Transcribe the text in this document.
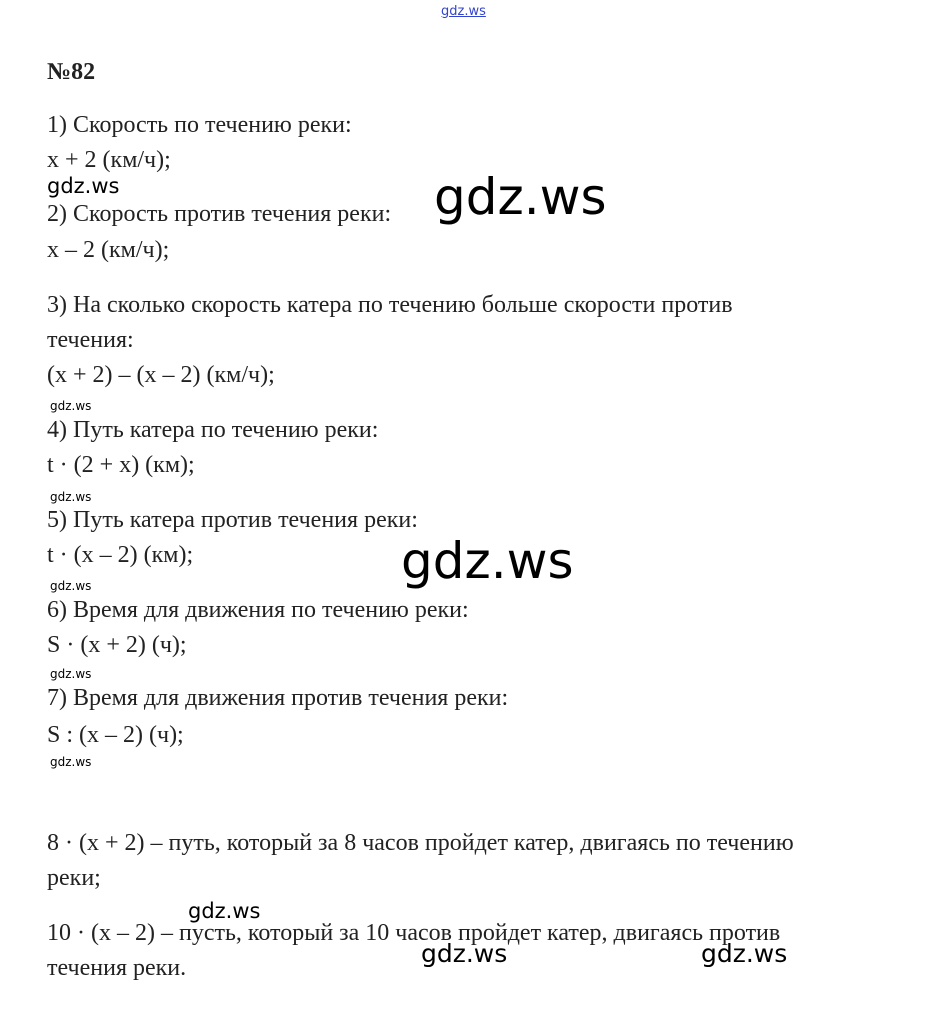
gdz.ws
№82
1) Скорость по течению реки:
x + 2 (км/ч);
2) Скорость против течения реки:
x – 2 (км/ч);
3) На сколько скорость катера по течению больше скорости против
течения:
(x + 2) – (x – 2) (км/ч);
4) Путь катера по течению реки:
t · (2 + x) (км);
5) Путь катера против течения реки:
t · (x – 2) (км);
6) Время для движения по течению реки:
S · (x + 2) (ч);
7) Время для движения против течения реки:
S : (x – 2) (ч);
8 · (x + 2) – путь, который за 8 часов пройдет катер, двигаясь по течению
реки;
10 · (x – 2) – пусть, который за 10 часов пройдет катер, двигаясь против
течения реки.
gdz.ws	gdz.ws
gdz.ws
gdz.ws
gdz.ws
gdz.ws
gdz.ws
gdz.ws
gdz.ws
gdz.ws	gdz.ws
